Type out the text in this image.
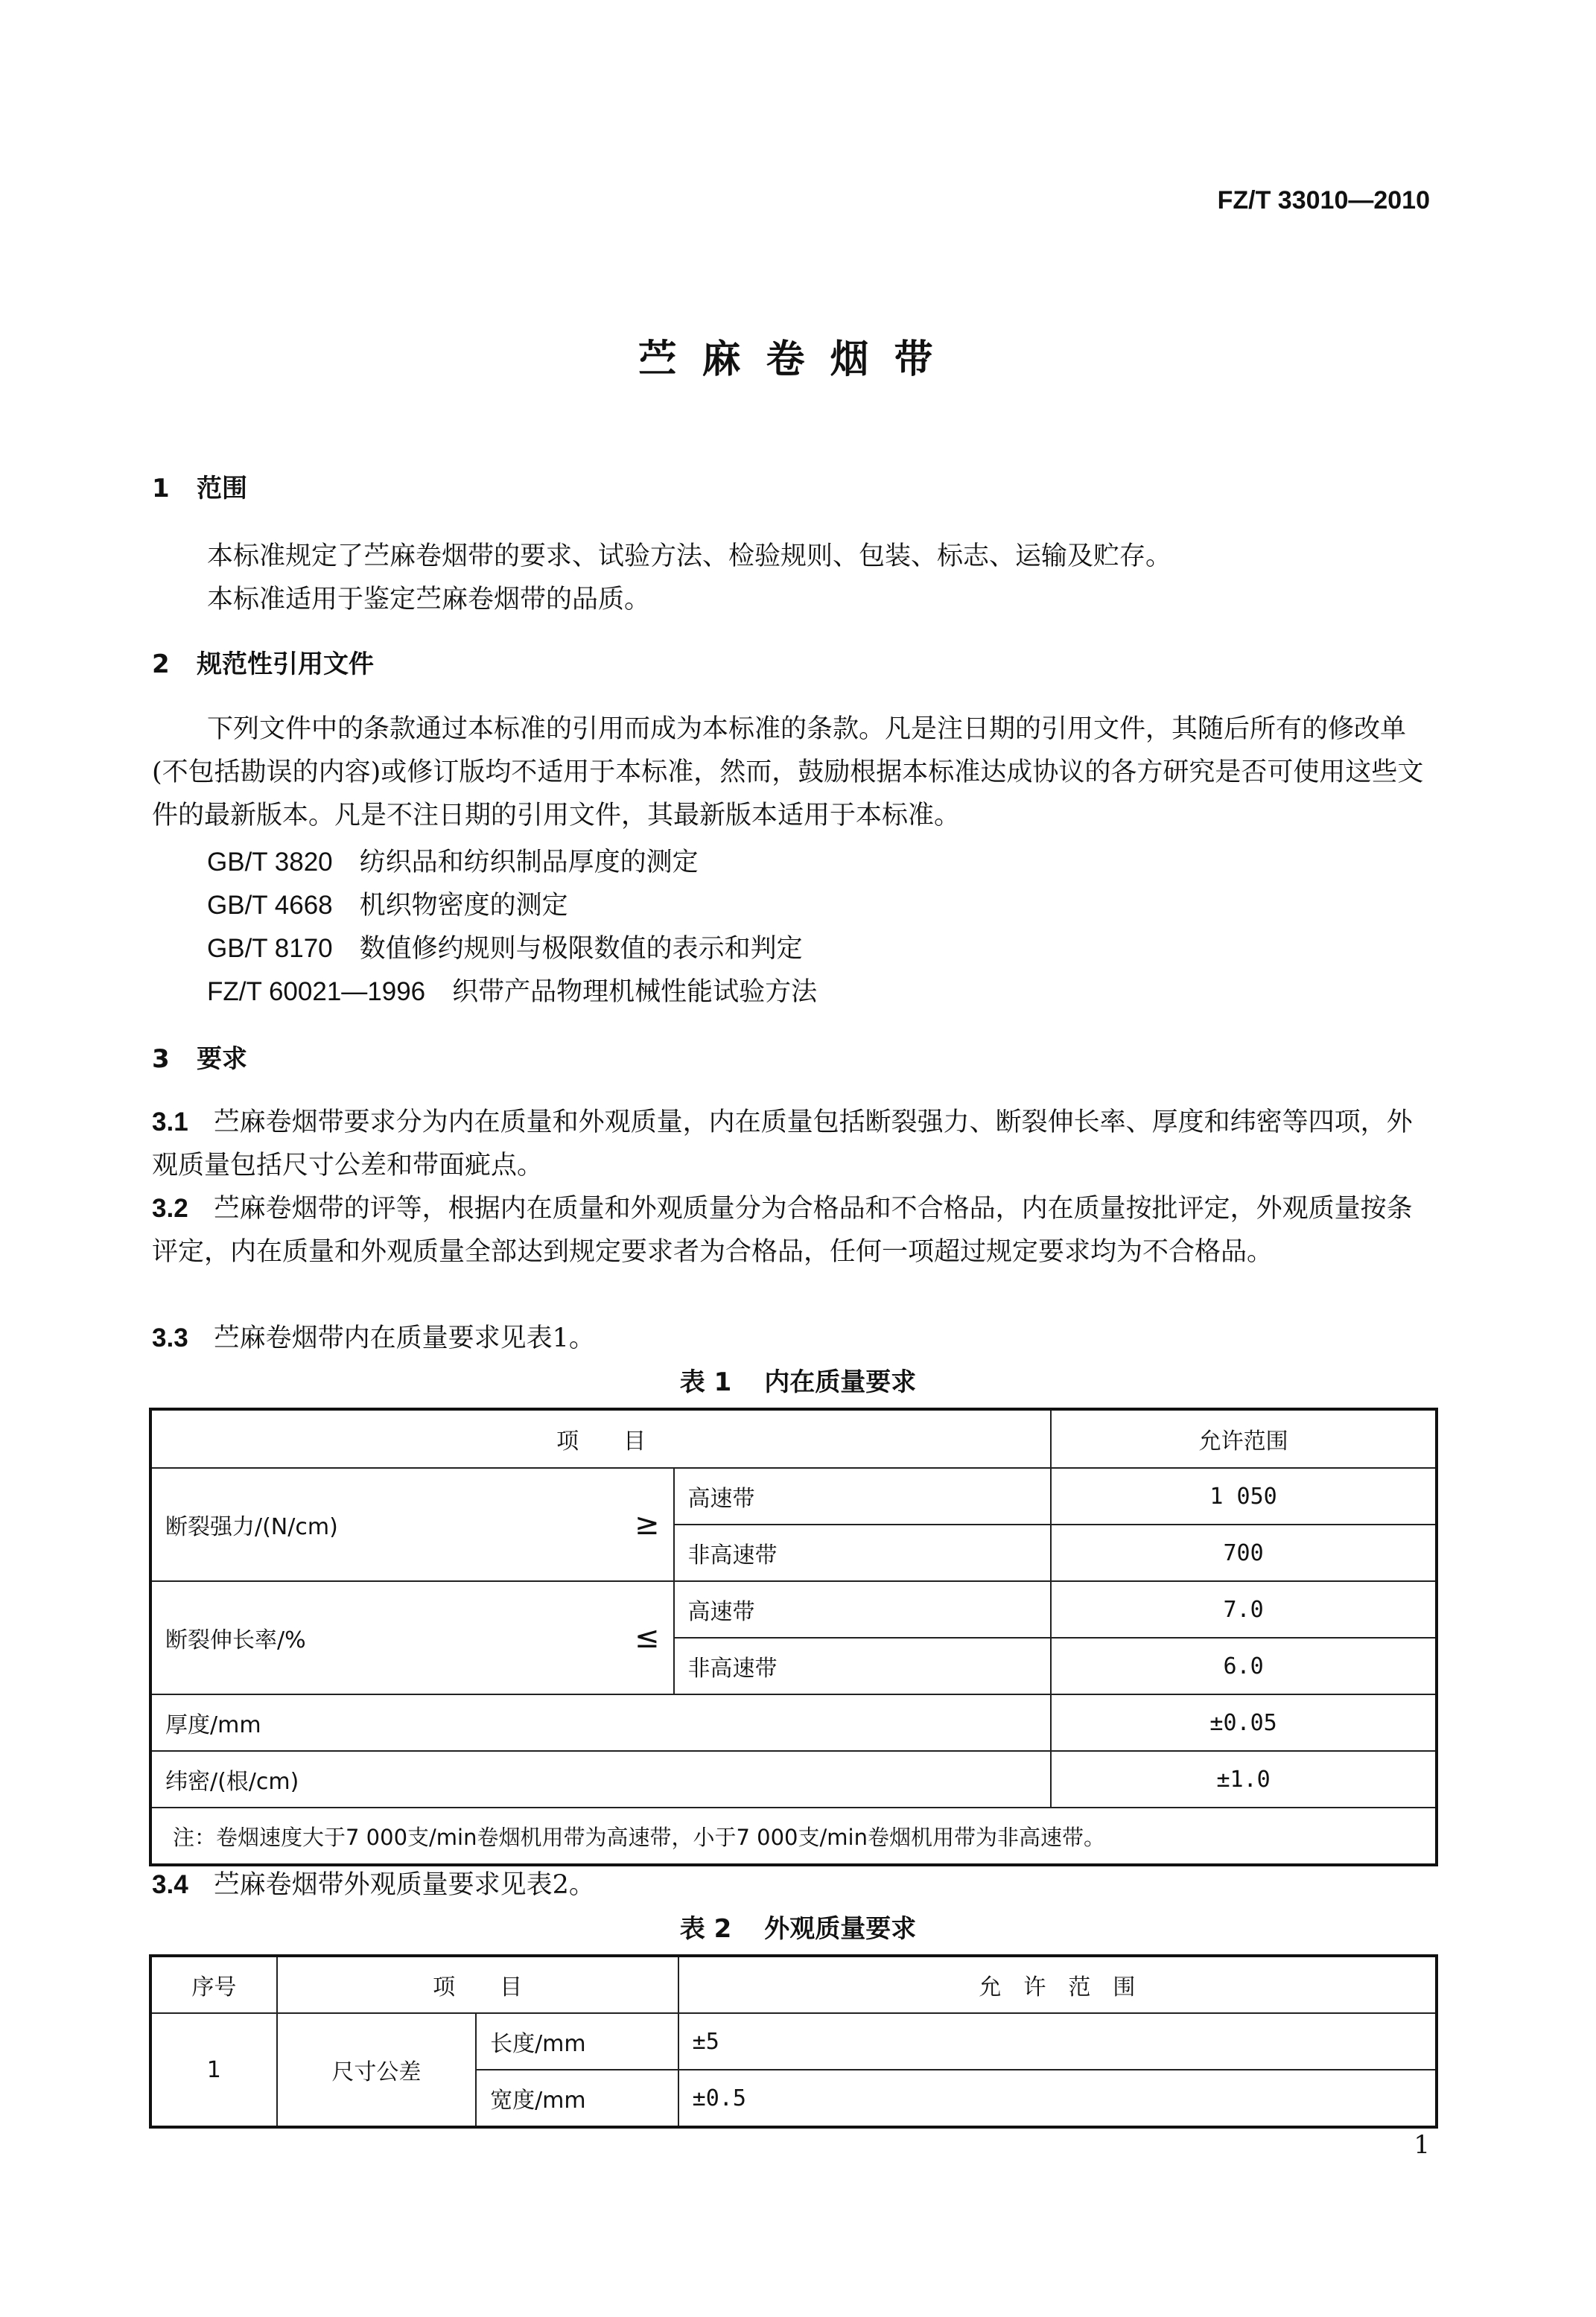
FZ/T 33010—2010
苎麻卷烟带
1 范围
本标准规定了苎麻卷烟带的要求、试验方法、检验规则、包装、标志、运输及贮存。
本标准适用于鉴定苎麻卷烟带的品质。
2 规范性引用文件
下列文件中的条款通过本标准的引用而成为本标准的条款。凡是注日期的引用文件，其随后所有的修改单(不包括勘误的内容)或修订版均不适用于本标准，然而，鼓励根据本标准达成协议的各方研究是否可使用这些文件的最新版本。凡是不注日期的引用文件，其最新版本适用于本标准。
GB/T 3820 纺织品和纺织制品厚度的测定
GB/T 4668 机织物密度的测定
GB/T 8170 数值修约规则与极限数值的表示和判定
FZ/T 60021—1996 织带产品物理机械性能试验方法
3 要求
3.1 苎麻卷烟带要求分为内在质量和外观质量，内在质量包括断裂强力、断裂伸长率、厚度和纬密等四项，外观质量包括尺寸公差和带面疵点。
3.2 苎麻卷烟带的评等，根据内在质量和外观质量分为合格品和不合格品，内在质量按批评定，外观质量按条评定，内在质量和外观质量全部达到规定要求者为合格品，任何一项超过规定要求均为不合格品。
3.3 苎麻卷烟带内在质量要求见表1。
表 1 内在质量要求
项　　目		允许范围

断裂强力/(N/cm) ≥	高速带	1 050
	非高速带	700

断裂伸长率/% ≤	高速带	7.0
	非高速带	6.0
厚度/mm		±0.05
纬密/(根/cm)		±1.0
注：卷烟速度大于7 000支/min卷烟机用带为高速带，小于7 000支/min卷烟机用带为非高速带。		
3.4 苎麻卷烟带外观质量要求见表2。
表 2 外观质量要求
序号	项　　目		允　许　范　围
1	尺寸公差	长度/mm	±5
		宽度/mm	±0.5
1
